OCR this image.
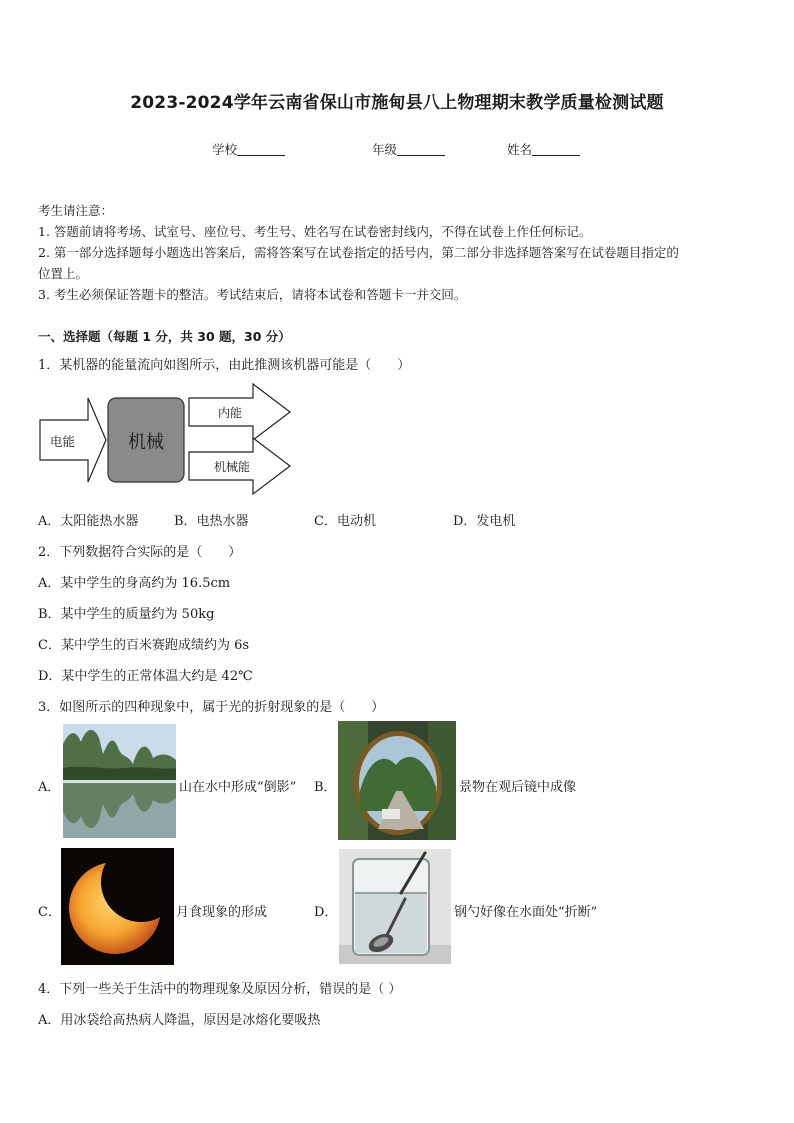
2023-2024学年云南省保山市施甸县八上物理期末教学质量检测试题
学校	年级	姓名
考生请注意：
1. 答题前请将考场、试室号、座位号、考生号、姓名写在试卷密封线内，不得在试卷上作任何标记。
2. 第一部分选择题每小题选出答案后，需将答案写在试卷指定的括号内，第二部分非选择题答案写在试卷题目指定的
位置上。
3. 考生必须保证答题卡的整洁。考试结束后，请将本试卷和答题卡一并交回。
一、选择题（每题 1 分，共 30 题，30 分）
1．某机器的能量流向如图所示，由此推测该机器可能是（　　）
电能	机械
内能
机械能
A．太阳能热水器	B．电热水器	C．电动机	D．发电机
2．下列数据符合实际的是（　　）
A．某中学生的身高约为 16.5cm
B．某中学生的质量约为 50kg
C．某中学生的百米赛跑成绩约为 6s
D．某中学生的正常体温大约是 42℃
3．如图所示的四种现象中，属于光的折射现象的是（　　）
A．	山在水中形成“倒影” B．	景物在观后镜中成像
C．	月食现象的形成	D．	钢勺好像在水面处“折断”
4．下列一些关于生活中的物理现象及原因分析，错误的是（ ）
A．用冰袋给高热病人降温，原因是冰熔化要吸热
